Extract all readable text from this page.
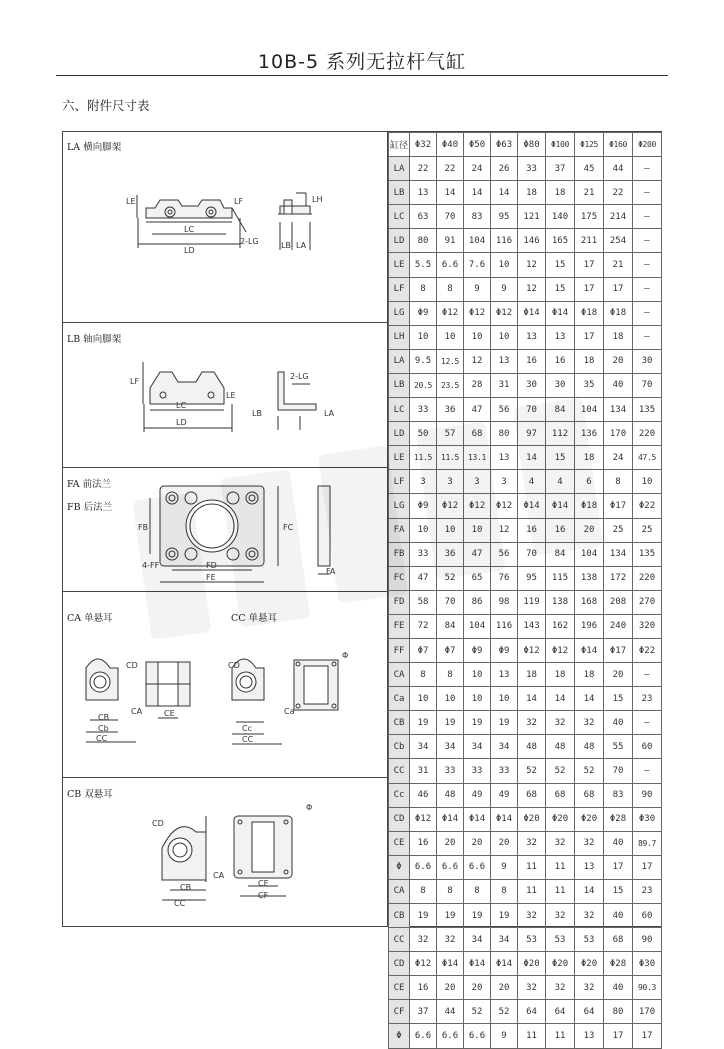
10B-5 系列无拉杆气缸
六、附件尺寸表
LA 横向脚架
LB 轴向脚架
FA 前法兰
FB 后法兰
CA 单悬耳	CC 单悬耳
CB 双悬耳
LE	LF	LH
LC
LD
2-LG	LB LA
LF
2-LG
LE
LC
LD
LB	LA
FB	FC
FD
FE
4-FF
FA
CD
CB
Cb
CC
CA	CE
CD
Ca
Cc
CC
Φ
Φ
CD
CB
CC
CA
CE
CF
缸径	Φ32	Φ40	Φ50	Φ63	Φ80	Φ100	Φ125	Φ160	Φ200
LA	22	22	24	26	33	37	45	44	—
LB	13	14	14	14	18	18	21	22	—
LC	63	70	83	95	121	140	175	214	—
LD	80	91	104	116	146	165	211	254	—
LE	5.5	6.6	7.6	10	12	15	17	21	—
LF	8	8	9	9	12	15	17	17	—
LG	Φ9	Φ12	Φ12	Φ12	Φ14	Φ14	Φ18	Φ18	—
LH	10	10	10	10	13	13	17	18	—
LA	9.5	12.5	12	13	16	16	18	20	30
LB	20.5	23.5	28	31	30	30	35	40	70
LC	33	36	47	56	70	84	104	134	135
LD	50	57	68	80	97	112	136	170	220
LE	11.5	11.5	13.1	13	14	15	18	24	47.5
LF	3	3	3	3	4	4	6	8	10
LG	Φ9	Φ12	Φ12	Φ12	Φ14	Φ14	Φ18	Φ17	Φ22
FA	10	10	10	12	16	16	20	25	25
FB	33	36	47	56	70	84	104	134	135
FC	47	52	65	76	95	115	138	172	220
FD	58	70	86	98	119	138	168	208	270
FE	72	84	104	116	143	162	196	240	320
FF	Φ7	Φ7	Φ9	Φ9	Φ12	Φ12	Φ14	Φ17	Φ22
CA	8	8	10	13	18	18	18	20	—
Ca	10	10	10	10	14	14	14	15	23
CB	19	19	19	19	32	32	32	40	—
Cb	34	34	34	34	48	48	48	55	60
CC	31	33	33	33	52	52	52	70	—
Cc	46	48	49	49	68	68	68	83	90
CD	Φ12	Φ14	Φ14	Φ14	Φ20	Φ20	Φ20	Φ28	Φ30
CE	16	20	20	20	32	32	32	40	89.7
Φ	6.6	6.6	6.6	9	11	11	13	17	17
CA	8	8	8	8	11	11	14	15	23
CB	19	19	19	19	32	32	32	40	60
CC	32	32	34	34	53	53	53	68	90
CD	Φ12	Φ14	Φ14	Φ14	Φ20	Φ20	Φ20	Φ28	Φ30
CE	16	20	20	20	32	32	32	40	90.3
CF	37	44	52	52	64	64	64	80	170
Φ	6.6	6.6	6.6	9	11	11	13	17	17
